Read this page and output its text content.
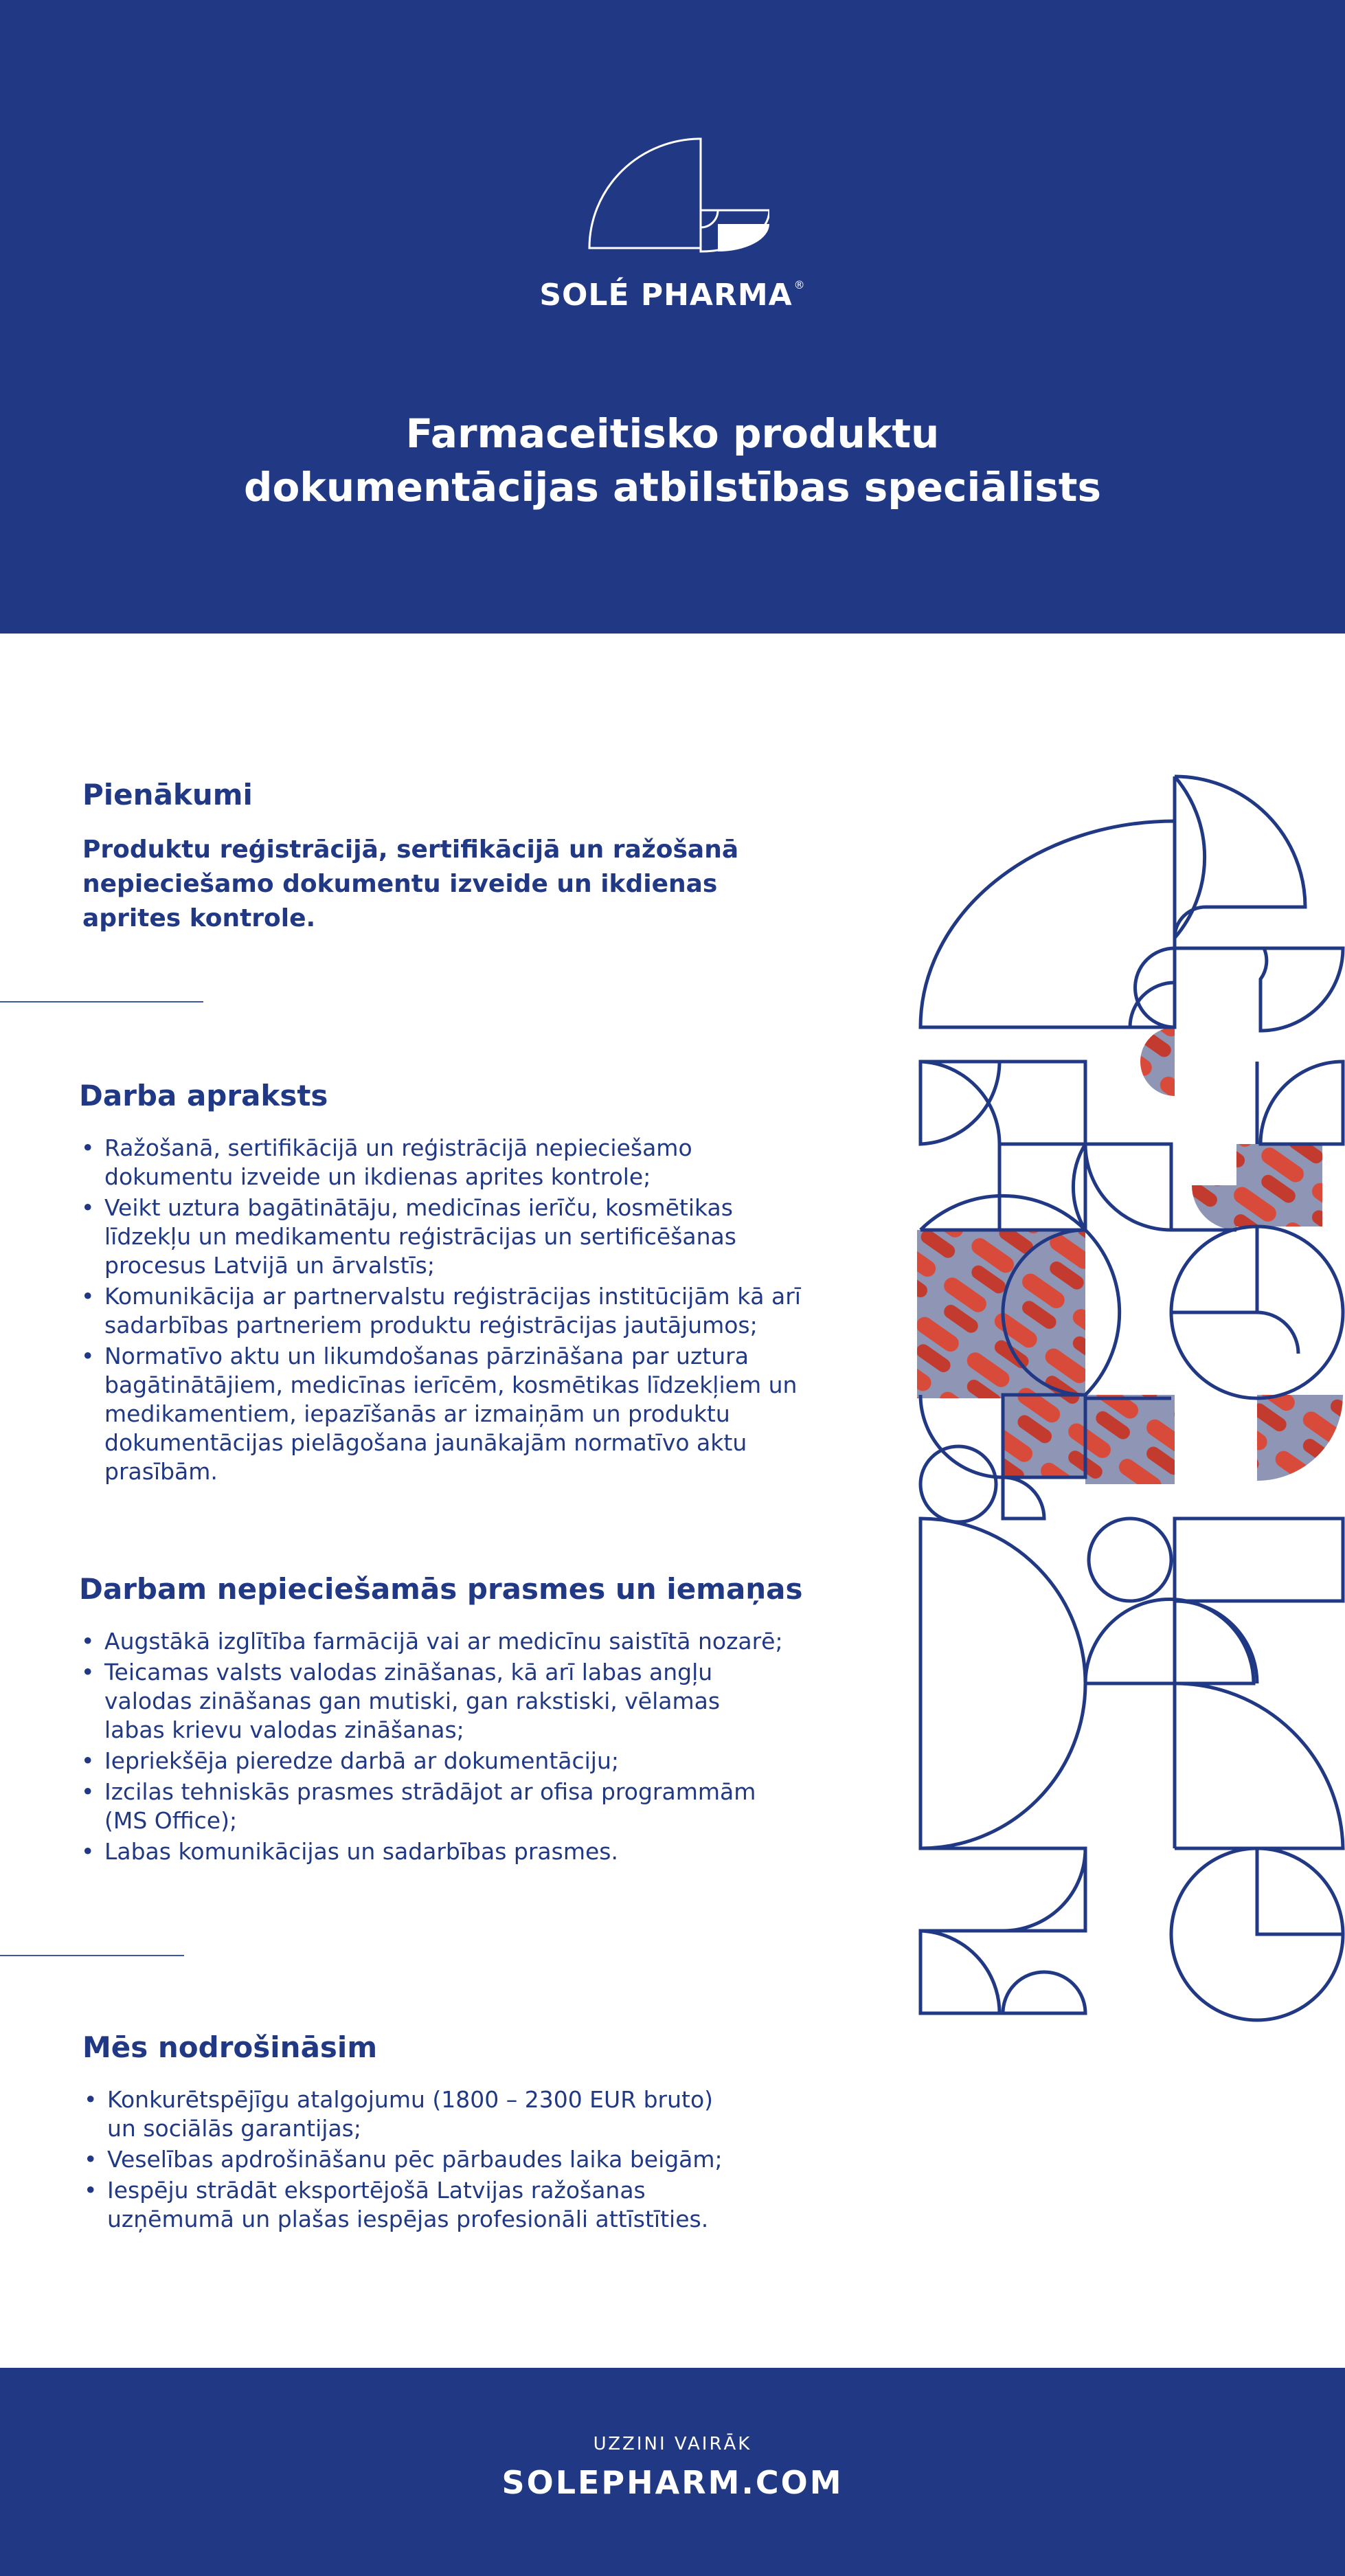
SOLÉ PHARMA ®
Farmaceitisko produktu
dokumentācijas atbilstības speciālists
Pienākumi
Produktu reģistrācijā, sertifikācijā un ražošanā nepieciešamo dokumentu izveide un ikdienas aprites kontrole.
Darba apraksts
• Ražošanā, sertifikācijā un reģistrācijā nepieciešamo dokumentu izveide un ikdienas aprites kontrole;
• Veikt uztura bagātinātāju, medicīnas ierīču, kosmētikas līdzekļu un medikamentu reģistrācijas un sertificēšanas procesus Latvijā un ārvalstīs;
• Komunikācija ar partnervalstu reģistrācijas institūcijām kā arī sadarbības partneriem produktu reģistrācijas jautājumos;
• Normatīvo aktu un likumdošanas pārzināšana par uztura bagātinātājiem, medicīnas ierīcēm, kosmētikas līdzekļiem un medikamentiem, iepazīšanās ar izmaiņām un produktu dokumentācijas pielāgošana jaunākajām normatīvo aktu prasībām.
Darbam nepieciešamās prasmes un iemaņas
• Augstākā izglītība farmācijā vai ar medicīnu saistītā nozarē;
• Teicamas valsts valodas zināšanas, kā arī labas angļu valodas zināšanas gan mutiski, gan rakstiski, vēlamas labas krievu valodas zināšanas;
• Iepriekšēja pieredze darbā ar dokumentāciju;
• Izcilas tehniskās prasmes strādājot ar ofisa programmām (MS Office);
• Labas komunikācijas un sadarbības prasmes.
Mēs nodrošināsim
• Konkurētspējīgu atalgojumu (1800 – 2300 EUR bruto) un sociālās garantijas;
• Veselības apdrošināšanu pēc pārbaudes laika beigām;
• Iespēju strādāt eksportējošā Latvijas ražošanas uzņēmumā un plašas iespējas profesionāli attīstīties.
UZZINI VAIRĀK
SOLEPHARM.COM
